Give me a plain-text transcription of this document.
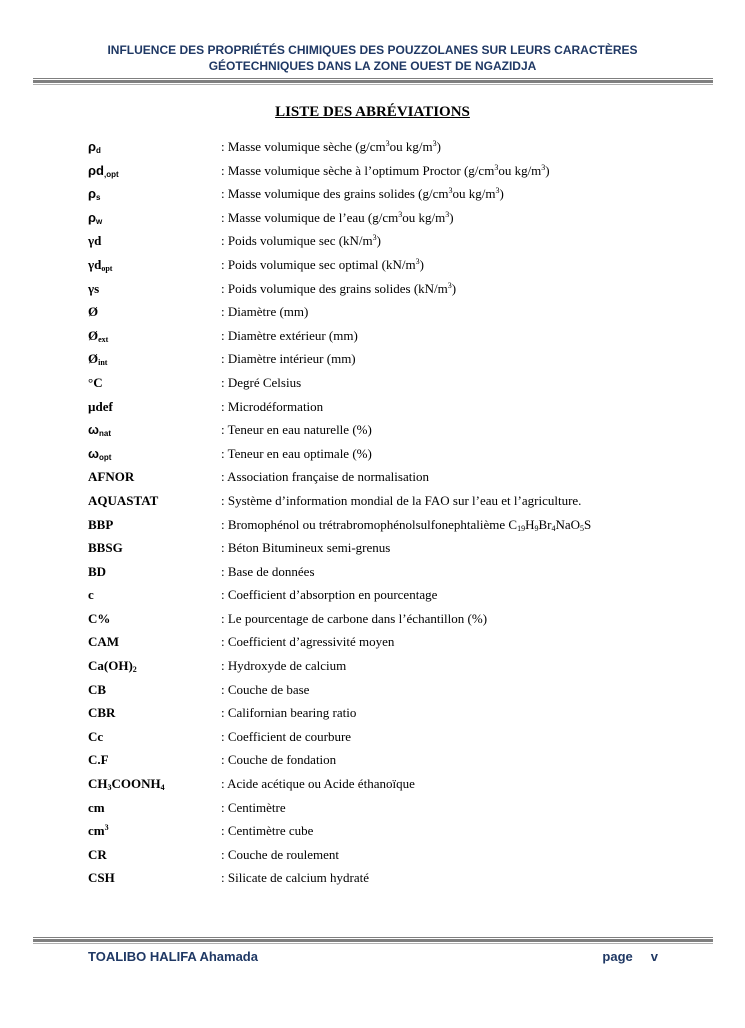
INFLUENCE DES PROPRIÉTÉS CHIMIQUES DES POUZZOLANES SUR LEURS CARACTÈRES
GÉOTECHNIQUES DANS LA ZONE OUEST DE NGAZIDJA
LISTE DES ABRÉVIATIONS
$\rho_d$	: Masse volumique sèche ($g/cm^3ou$ $kg/m^3$)
$\rho d_{,opt}$	: Masse volumique sèche à l’optimum Proctor ($g/cm^3ou$ $kg/m^3$)
$\rho_s$	: Masse volumique des grains solides ($g/cm^3ou$ $kg/m^3$)
$\rho_w$	: Masse volumique de l’eau ($g/cm^3ou$ $kg/m^3$)
γd	: Poids volumique $\sec (kN/m^3)$
$\gamma d_{opt}$	: Poids volumique sec optimal $(kN/m^3)$
γs	: Poids volumique des grains solides $(kN/m^3)$
Ø	: Diamètre (mm)
$Ø_{ext}$	: Diamètre extérieur (mm)
$Ø_{int}$	: Diamètre intérieur (mm)
°C	: Degré Celsius
µdef	: Microdéformation
$\omega_{nat}$	: Teneur en eau naturelle (%)
$\omega_{opt}$	: Teneur en eau optimale (%)
AFNOR	: Association française de normalisation
AQUASTAT	: Système d’information mondial de la FAO sur l’eau et l’agriculture.
BBP	: Bromophénol ou trétrabromophénolsulfonephtalième $C_{19}H_9Br_4NaO_5S$
BBSG	: Béton Bitumineux semi-grenus
BD	: Base de données
c	: Coefficient d’absorption en pourcentage
C%	: Le pourcentage de carbone dans l’échantillon (%)
CAM	: Coefficient d’agressivité moyen
$Ca(OH)_2$	: Hydroxyde de calcium
CB	: Couche de base
CBR	: Californian bearing ratio
Cc	: Coefficient de courbure
C.F	: Couche de fondation
$CH_3COONH_4$	: Acide acétique ou Acide éthanoïque
cm	: Centimètre
$cm^3$	: Centimètre cube
CR	: Couche de roulement
CSH	: Silicate de calcium hydraté
TOALIBO HALIFA Ahamada	page v
